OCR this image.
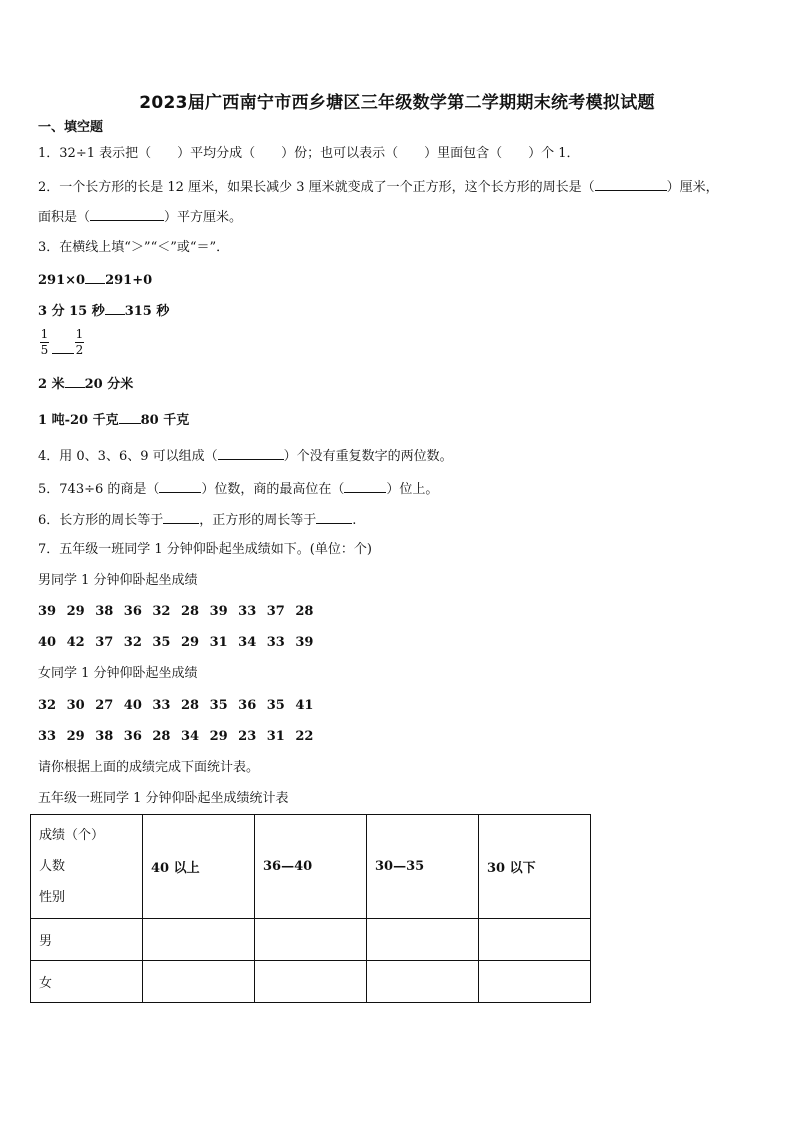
2023届广西南宁市西乡塘区三年级数学第二学期期末统考模拟试题
一、填空题
1．32÷1 表示把（　　）平均分成（　　）份；也可以表示（　　）里面包含（　　）个 1．
2．一个长方形的长是 12 厘米，如果长减少 3 厘米就变成了一个正方形，这个长方形的周长是（	）厘米，
面积是（	）平方厘米。
3．在横线上填“＞”“＜”或“＝”．
291×0 291+0
3 分 15 秒 315 秒
1
5
1
2
2 米 20 分米
1 吨-20 千克 80 千克
4．用 0、3、6、9 可以组成（	）个没有重复数字的两位数。
5．743÷6 的商是（	）位数，商的最高位在（	）位上。
6．长方形的周长等于	，正方形的周长等于	.
7．五年级一班同学 1 分钟仰卧起坐成绩如下。(单位：个)
男同学 1 分钟仰卧起坐成绩
39 29 38 36 32 28 39 33 37 28
40 42 37 32 35 29 31 34 33 39
女同学 1 分钟仰卧起坐成绩
32 30 27 40 33 28 35 36 35 41
33 29 38 36 28 34 29 23 31 22
请你根据上面的成绩完成下面统计表。
五年级一班同学 1 分钟仰卧起坐成绩统计表
成绩（个）
人数
性别	40 以上	36—40	30—35	30 以下
男				
女				
